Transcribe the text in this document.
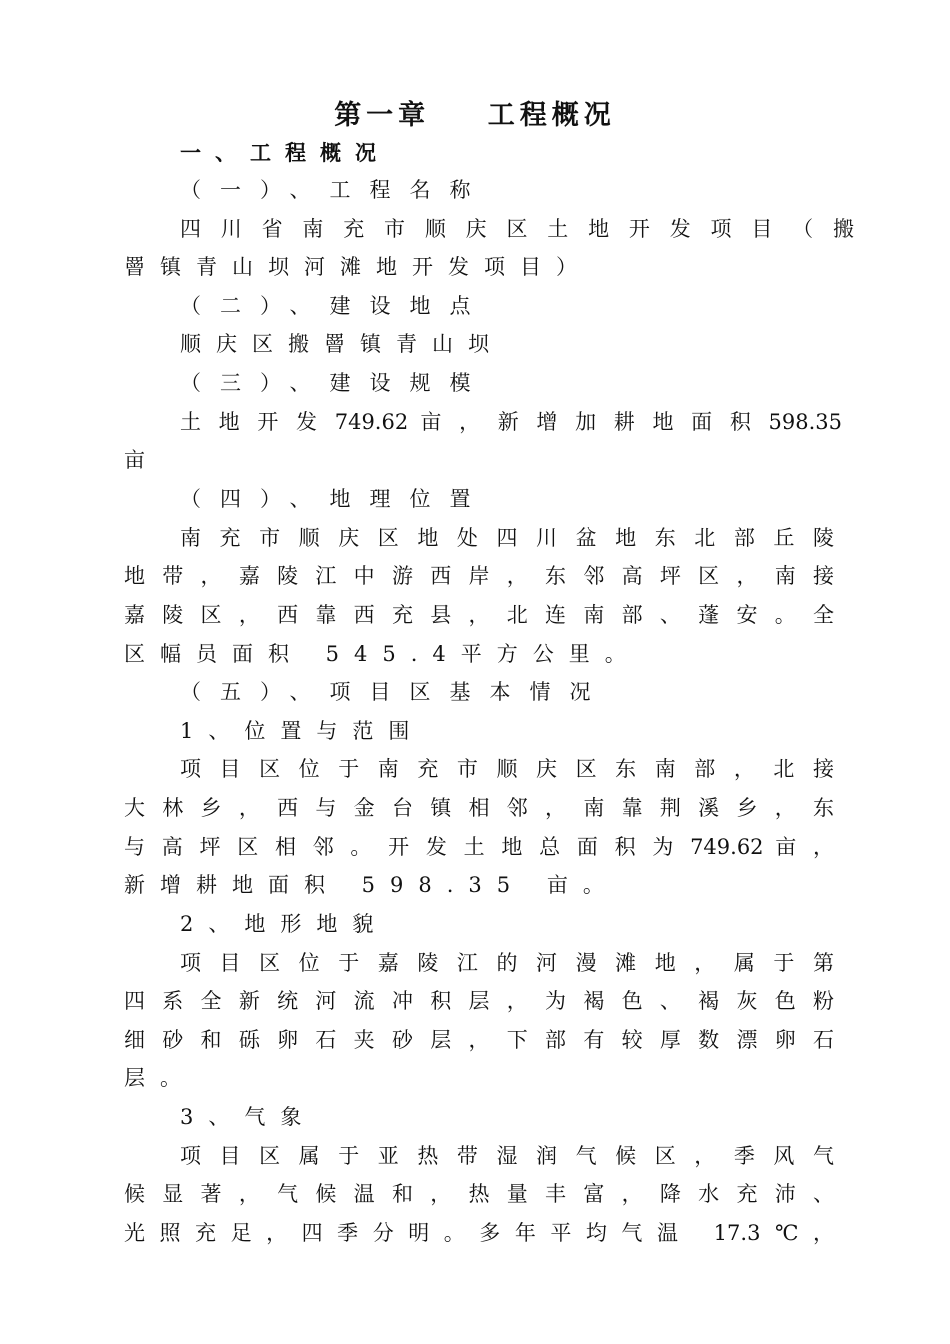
第一章    工程概况
一、工程概况
（一）、工程名称
四川省南充市顺庆区土地开发项目（搬
罾镇青山坝河滩地开发项目）
（二）、建设地点
顺庆区搬罾镇青山坝
（三）、建设规模
土 地 开 发 749.62 亩 ， 新 增 加 耕 地 面 积 598.35
亩
（四）、地理位置
南充市顺庆区地处四川盆地东北部丘陵
地带，嘉陵江中游西岸，东邻高坪区，南接
嘉陵区，西靠西充县，北连南部、蓬安。全
区幅员面积 545.4平方公里。
（五）、项目区基本情况
1、位置与范围
项目区位于南充市顺庆区东南部，北接
大林乡，西与金台镇相邻，南靠荆溪乡，东
与 高 坪 区 相 邻 。 开 发 土 地 总 面 积 为 749.62 亩 ，
新增耕地面积 598.35 亩。
2、地形地貌
项目区位于嘉陵江的河漫滩地，属于第
四系全新统河流冲积层，为褐色、褐灰色粉
细砂和砾卵石夹砂层，下部有较厚数漂卵石
层。
3、气象
项目区属于亚热带湿润气候区，季风气
候显著，气候温和，热量丰富，降水充沛、
光照充足，四季分明。多年平均气温 17.3℃，
